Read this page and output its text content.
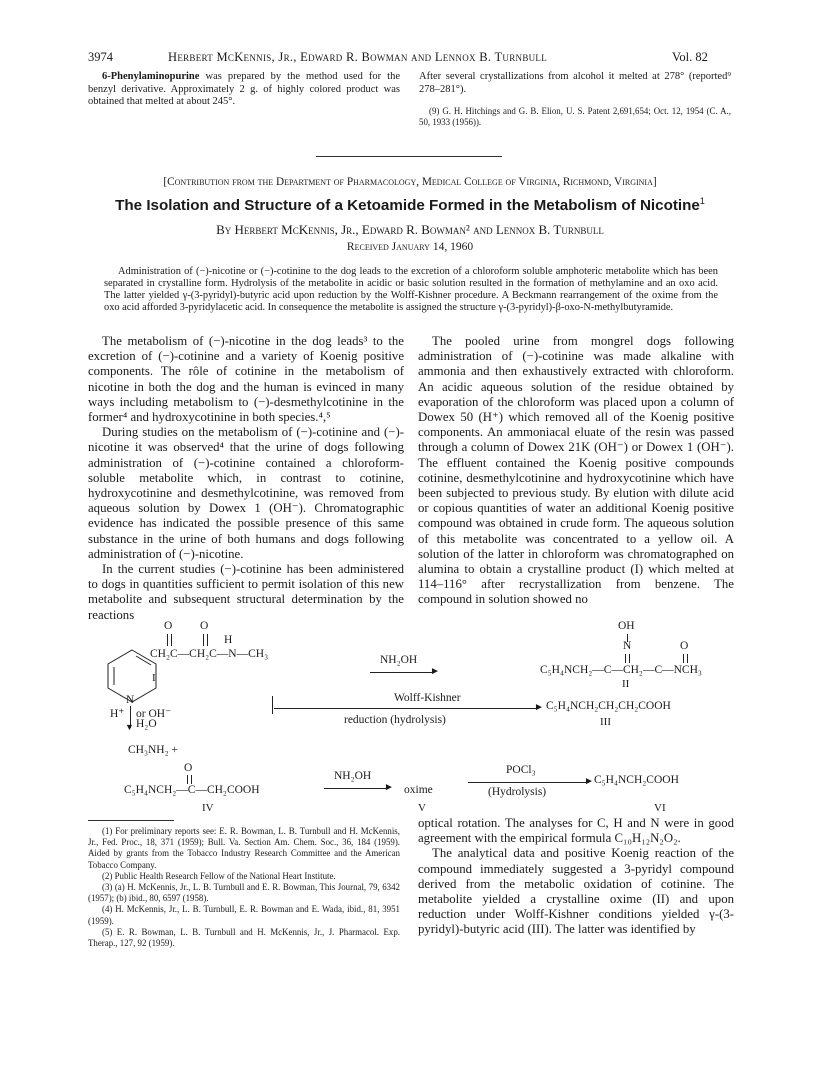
3974	Herbert McKennis, Jr., Edward R. Bowman and Lennox B. Turnbull	Vol. 82

6-Phenylaminopurine was prepared by the method used for the benzyl derivative. Approximately 2 g. of highly colored product was obtained that melted at about 245°.

After several crystallizations from alcohol it melted at 278° (reported⁹ 278–281°).

(9) G. H. Hitchings and G. B. Elion, U. S. Patent 2,691,654; Oct. 12, 1954 (C. A., 50, 1933 (1956)).

[Contribution from the Department of Pharmacology, Medical College of Virginia, Richmond, Virginia]
The Isolation and Structure of a Ketoamide Formed in the Metabolism of Nicotine$^1$
By Herbert McKennis, Jr., Edward R. Bowman² and Lennox B. Turnbull
Received January 14, 1960

Administration of (−)-nicotine or (−)-cotinine to the dog leads to the excretion of a chloroform soluble amphoteric metabolite which has been separated in crystalline form. Hydrolysis of the metabolite in acidic or basic solution resulted in the formation of methylamine and an oxo acid. The latter yielded γ-(3-pyridyl)-butyric acid upon reduction by the Wolff-Kishner procedure. A Beckmann rearrangement of the oxime from the oxo acid afforded 3-pyridylacetic acid. In consequence the metabolite is assigned the structure γ-(3-pyridyl)-β-oxo-N-methylbutyramide.

The metabolism of (−)-nicotine in the dog leads³ to the excretion of (−)-cotinine and a variety of Koenig positive components. The rôle of cotinine in the metabolism of nicotine in both the dog and the human is evinced in many ways including metabolism to (−)-desmethylcotinine in the former⁴ and hydroxycotinine in both species.⁴,⁵

During studies on the metabolism of (−)-cotinine and (−)-nicotine it was observed⁴ that the urine of dogs following administration of (−)-cotinine contained a chloroform-soluble metabolite which, in contrast to cotinine, hydroxycotinine and desmethylcotinine, was removed from aqueous solution by Dowex 1 (OH⁻). Chromatographic evidence has indicated the possible presence of this same substance in the urine of both humans and dogs following administration of (−)-nicotine.

In the current studies (−)-cotinine has been administered to dogs in quantities sufficient to permit isolation of this new metabolite and subsequent structural determination by the reactions

The pooled urine from mongrel dogs following administration of (−)-cotinine was made alkaline with ammonia and then exhaustively extracted with chloroform. An acidic aqueous solution of the residue obtained by evaporation of the chloroform was placed upon a column of Dowex 50 (H⁺) which removed all of the Koenig positive components. An ammoniacal eluate of the resin was passed through a column of Dowex 21K (OH⁻) or Dowex 1 (OH⁻). The effluent contained the Koenig positive compounds cotinine, desmethylcotinine and hydroxycotinine which have been subjected to previous study. By elution with dilute acid or copious quantities of water an additional Koenig positive compound was obtained in crude form. The aqueous solution of this metabolite was concentrated to a yellow oil. A solution of the latter in chloroform was chromatographed on alumina to obtain a crystalline product (I) which melted at 114–116° after recrystallization from benzene. The compound in solution showed no

N
CH₂C—CH₂C—N—CH₃
O O
H
I
NH₂OH
►
OH
N	O
C₅H₄NCH₂—C—CH₂—C—NCH₃
II
H⁺
▼
or OH⁻
H₂O
Wolff-Kishner
►
reduction (hydrolysis)
C₅H₄NCH₂CH₂CH₂COOH
III
CH₃NH₂ +
O
C₅H₄NCH₂—C—CH₂COOH
IV
NH₂OH
► oxime
V
POCl₃
►
(Hydrolysis)
C₅H₄NCH₂COOH
VI

(1) For preliminary reports see: E. R. Bowman, L. B. Turnbull and H. McKennis, Jr., Fed. Proc., 18, 371 (1959); Bull. Va. Section Am. Chem. Soc., 36, 184 (1959). Aided by grants from the Tobacco Industry Research Committee and the American Tobacco Company.

(2) Public Health Research Fellow of the National Heart Institute.

(3) (a) H. McKennis, Jr., L. B. Turnbull and E. R. Bowman, This Journal, 79, 6342 (1957); (b) ibid., 80, 6597 (1958).

(4) H. McKennis, Jr., L. B. Turnbull, E. R. Bowman and E. Wada, ibid., 81, 3951 (1959).

(5) E. R. Bowman, L. B. Turnbull and H. McKennis, Jr., J. Pharmacol. Exp. Therap., 127, 92 (1959).

optical rotation. The analyses for C, H and N were in good agreement with the empirical formula C₁₀H₁₂N₂O₂.

The analytical data and positive Koenig reaction of the compound immediately suggested a 3-pyridyl compound derived from the metabolic oxidation of cotinine. The metabolite yielded a crystalline oxime (II) and upon reduction under Wolff-Kishner conditions yielded γ-(3-pyridyl)-butyric acid (III). The latter was identified by
